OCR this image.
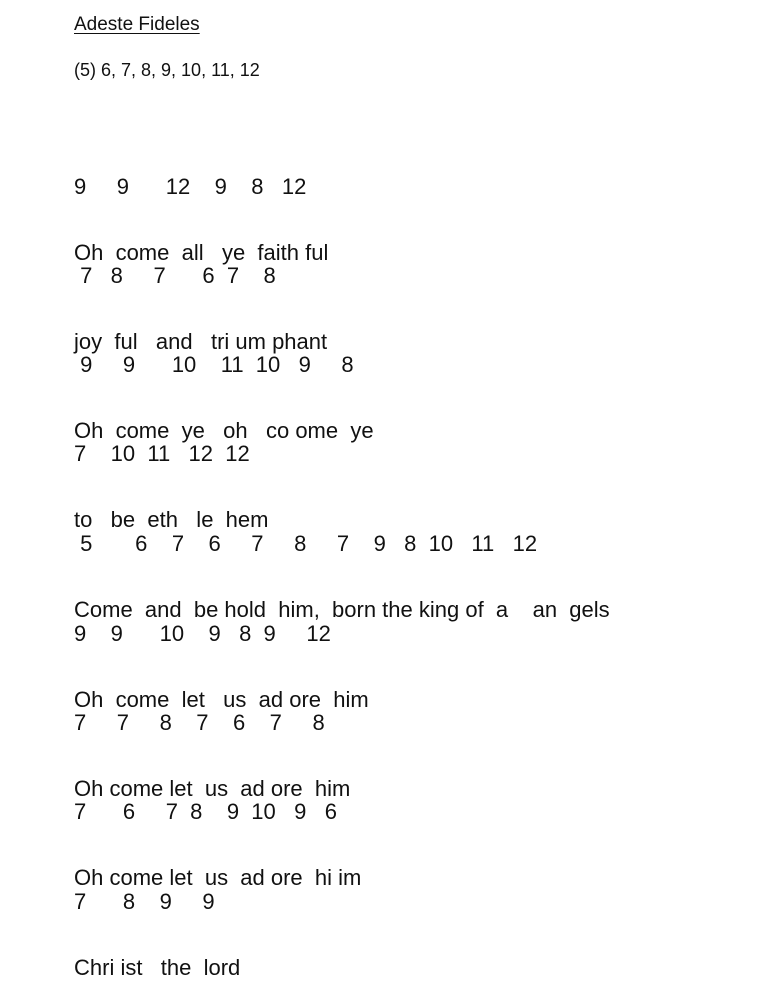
Adeste Fideles
(5) 6, 7, 8, 9, 10, 11, 12

9     9      12    9    8   12

Oh  come  all   ye  faith ful

7   8     7      6  7    8

joy  ful   and   tri um phant

9     9      10    11  10   9     8

Oh  come  ye   oh   co ome  ye

7    10  11   12  12

to   be  eth   le  hem

5       6    7    6     7     8     7    9   8  10   11   12

Come  and  be hold  him,  born the king of  a    an  gels

9    9      10    9   8  9     12

Oh  come  let   us  ad ore  him

7     7     8    7    6    7     8

Oh come let  us  ad ore  him

7      6     7  8    9  10   9   6

Oh come let  us  ad ore  hi im

7      8    9     9

Chri ist   the  lord
